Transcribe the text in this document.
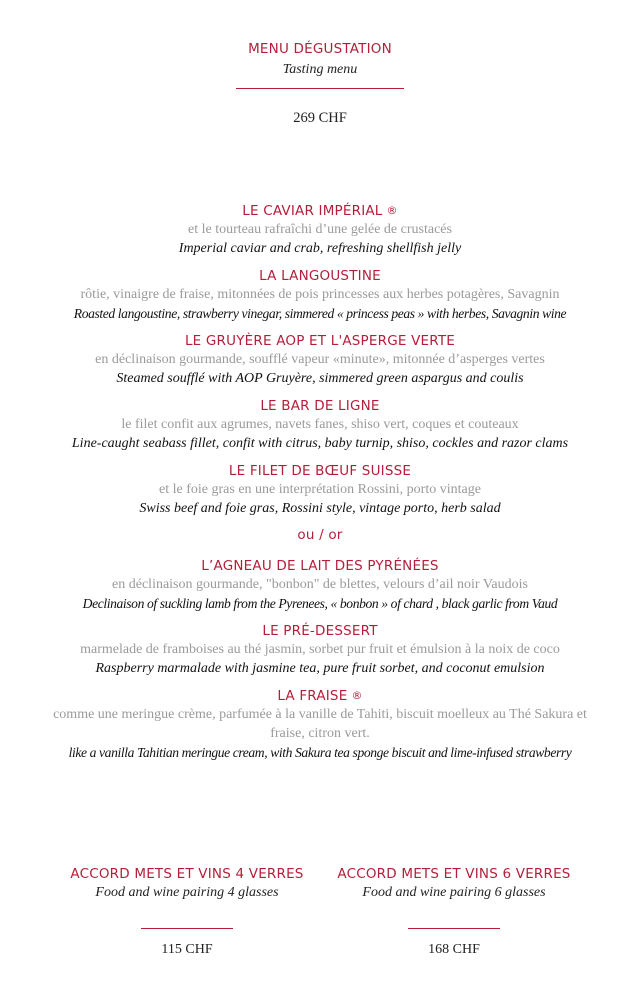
MENU DÉGUSTATION
Tasting menu
269 CHF
LE CAVIAR IMPÉRIAL ®
et le tourteau rafraîchi d’une gelée de crustacés
Imperial caviar and crab, refreshing shellfish jelly
LA LANGOUSTINE
rôtie, vinaigre de fraise, mitonnées de pois princesses aux herbes potagères, Savagnin
Roasted langoustine, strawberry vinegar, simmered « princess peas » with herbes, Savagnin wine
LE GRUYÈRE AOP ET L'ASPERGE VERTE
en déclinaison gourmande, soufflé vapeur «minute», mitonnée d’asperges vertes
Steamed soufflé with AOP Gruyère, simmered green aspargus and coulis
LE BAR DE LIGNE
le filet confit aux agrumes, navets fanes, shiso vert, coques et couteaux
Line-caught seabass fillet, confit with citrus, baby turnip, shiso, cockles and razor clams
LE FILET DE BŒUF SUISSE
et le foie gras en une interprétation Rossini, porto vintage
Swiss beef and foie gras, Rossini style, vintage porto, herb salad
ou / or
L’AGNEAU DE LAIT DES PYRÉNÉES
en déclinaison gourmande, "bonbon" de blettes, velours d’ail noir Vaudois
Declinaison of suckling lamb from the Pyrenees, « bonbon » of chard , black garlic from Vaud
LE PRÉ-DESSERT
marmelade de framboises au thé jasmin, sorbet pur fruit et émulsion à la noix de coco
Raspberry marmalade with jasmine tea, pure fruit sorbet, and coconut emulsion
LA FRAISE ®
comme une meringue crème, parfumée à la vanille de Tahiti, biscuit moelleux au Thé Sakura et fraise, citron vert.
like a vanilla Tahitian meringue cream, with Sakura tea sponge biscuit and lime-infused strawberry
ACCORD METS ET VINS 4 VERRES
Food and wine pairing 4 glasses
115 CHF
ACCORD METS ET VINS 6 VERRES
Food and wine pairing 6 glasses
168 CHF
